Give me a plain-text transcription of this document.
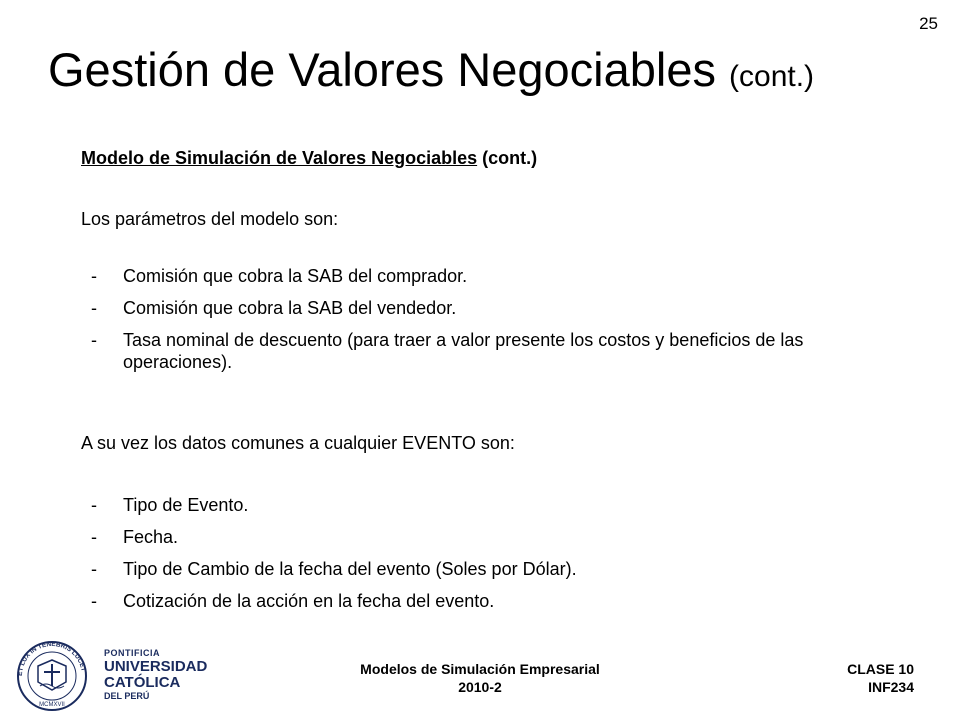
25
Gestión de Valores Negociables (cont.)
Modelo de Simulación de Valores Negociables (cont.)

Los parámetros del modelo son:

- Comisión que cobra la SAB del comprador.
- Comisión que cobra la SAB del vendedor.
- Tasa nominal de descuento (para traer a valor presente los costos y beneficios de las operaciones).

A su vez los datos comunes a cualquier EVENTO son:

- Tipo de Evento.
- Fecha.
- Tipo de Cambio de la fecha del evento (Soles por Dólar).
- Cotización de la acción en la fecha del evento.
ET LUX IN TENEBRIS LUCET
MCMXVII
PONTIFICIA
UNIVERSIDAD
CATÓLICA
DEL PERÚ
Modelos de Simulación Empresarial
2010-2
CLASE 10
INF234
